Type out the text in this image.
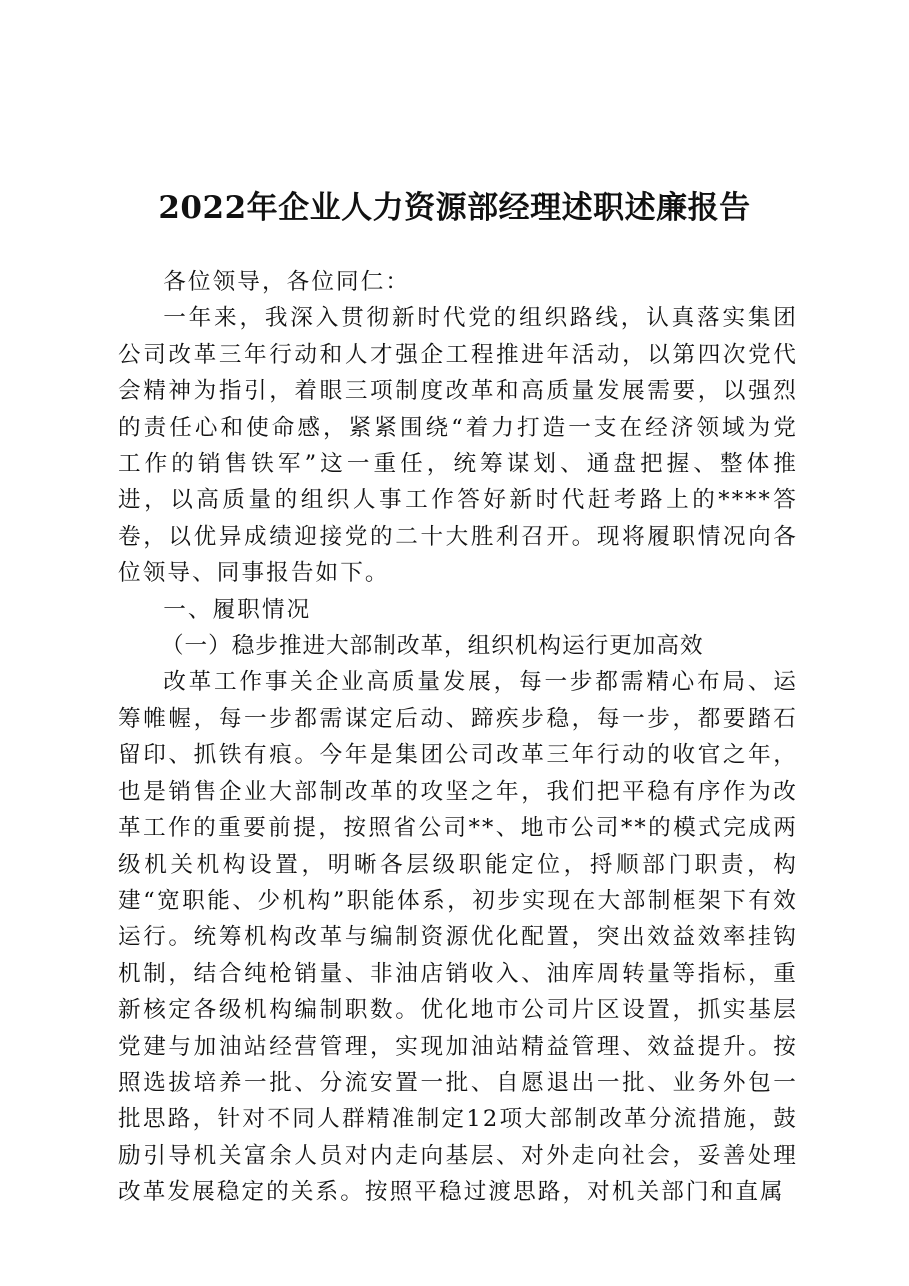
2022年企业人力资源部经理述职述廉报告

各位领导，各位同仁：

一年来，我深入贯彻新时代党的组织路线，认真落实集团公司改革三年行动和人才强企工程推进年活动，以第四次党代会精神为指引，着眼三项制度改革和高质量发展需要，以强烈的责任心和使命感，紧紧围绕“着力打造一支在经济领域为党工作的销售铁军”这一重任，统筹谋划、通盘把握、整体推进，以高质量的组织人事工作答好新时代赶考路上的****答卷，以优异成绩迎接党的二十大胜利召开。现将履职情况向各位领导、同事报告如下。

一、履职情况

（一）稳步推进大部制改革，组织机构运行更加高效

改革工作事关企业高质量发展，每一步都需精心布局、运筹帷幄，每一步都需谋定后动、蹄疾步稳，每一步，都要踏石留印、抓铁有痕。今年是集团公司改革三年行动的收官之年，也是销售企业大部制改革的攻坚之年，我们把平稳有序作为改革工作的重要前提，按照省公司**、地市公司**的模式完成两级机关机构设置，明晰各层级职能定位，捋顺部门职责，构建“宽职能、少机构”职能体系，初步实现在大部制框架下有效运行。统筹机构改革与编制资源优化配置，突出效益效率挂钩机制，结合纯枪销量、非油店销收入、油库周转量等指标，重新核定各级机构编制职数。优化地市公司片区设置，抓实基层党建与加油站经营管理，实现加油站精益管理、效益提升。按照选拔培养一批、分流安置一批、自愿退出一批、业务外包一批思路，针对不同人群精准制定12项大部制改革分流措施，鼓励引导机关富余人员对内走向基层、对外走向社会，妥善处理改革发展稳定的关系。按照平稳过渡思路，对机关部门和直属
